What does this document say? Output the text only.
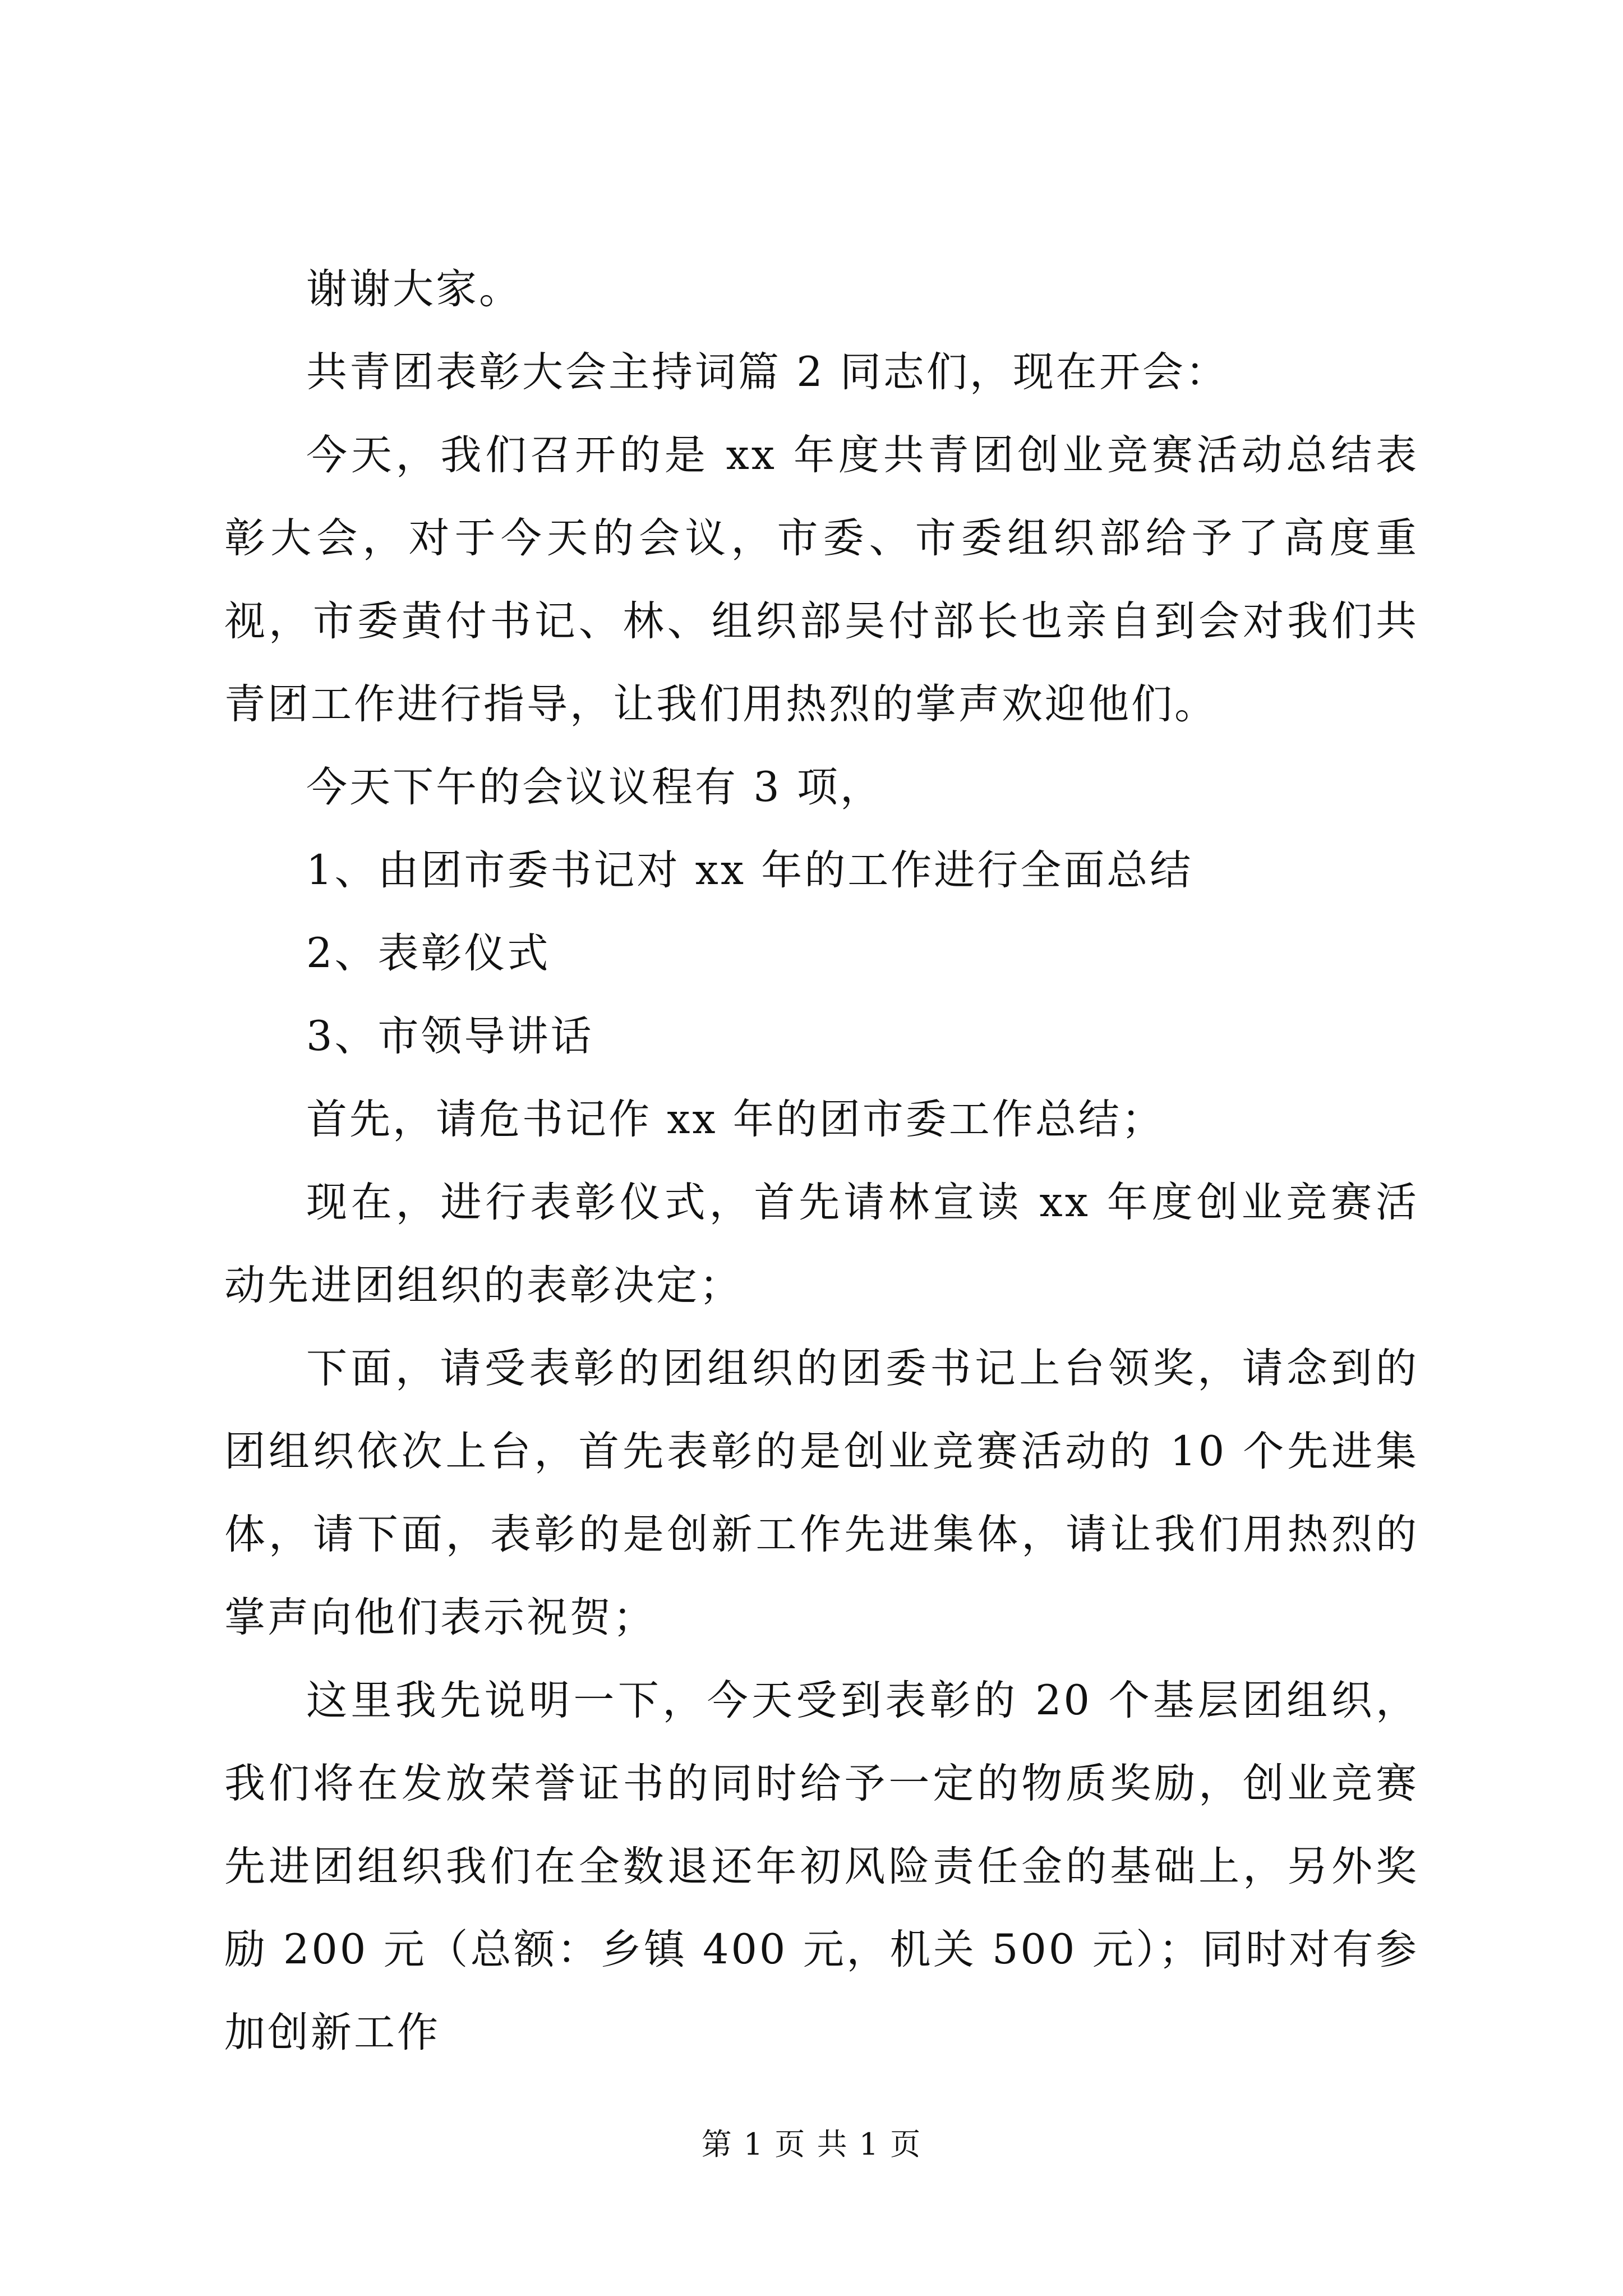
谢谢大家。

共青团表彰大会主持词篇 2 同志们，现在开会：

今天，我们召开的是 xx 年度共青团创业竞赛活动总结表彰大会，对于今天的会议，市委、市委组织部给予了高度重视，市委黄付书记、林、组织部吴付部长也亲自到会对我们共青团工作进行指导，让我们用热烈的掌声欢迎他们。

今天下午的会议议程有 3 项，

1、由团市委书记对 xx 年的工作进行全面总结

2、表彰仪式

3、市领导讲话

首先，请危书记作 xx 年的团市委工作总结；

现在，进行表彰仪式，首先请林宣读 xx 年度创业竞赛活动先进团组织的表彰决定；

下面，请受表彰的团组织的团委书记上台领奖，请念到的团组织依次上台，首先表彰的是创业竞赛活动的 10 个先进集体，请下面，表彰的是创新工作先进集体，请让我们用热烈的掌声向他们表示祝贺；

这里我先说明一下，今天受到表彰的 20 个基层团组织，我们将在发放荣誉证书的同时给予一定的物质奖励，创业竞赛先进团组织我们在全数退还年初风险责任金的基础上，另外奖励 200 元（总额：乡镇 400 元，机关 500 元）；同时对有参加创新工作

第 1 页 共 1 页
